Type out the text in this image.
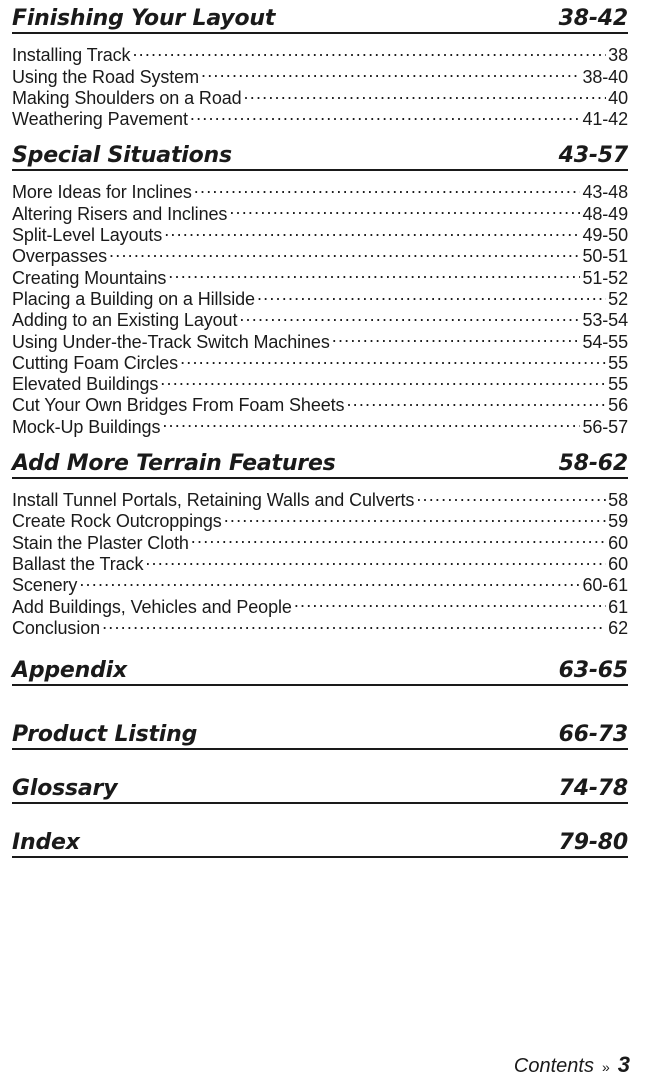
Finishing Your Layout	38-42
Installing Track .....	38
Using the Road System .....	38-40
Making Shoulders on a Road .....	40
Weathering Pavement .....	41-42
Special Situations	43-57
More Ideas for Inclines .....	43-48
Altering Risers and Inclines .....	48-49
Split-Level Layouts .....	49-50
Overpasses .....	50-51
Creating Mountains .....	51-52
Placing a Building on a Hillside .....	52
Adding to an Existing Layout .....	53-54
Using Under-the-Track Switch Machines .....	54-55
Cutting Foam Circles .....	55
Elevated Buildings .....	55
Cut Your Own Bridges From Foam Sheets .....	56
Mock-Up Buildings .....	56-57
Add More Terrain Features	58-62
Install Tunnel Portals, Retaining Walls and Culverts .....	58
Create Rock Outcroppings .....	59
Stain the Plaster Cloth .....	60
Ballast the Track .....	60
Scenery .....	60-61
Add Buildings, Vehicles and People .....	61
Conclusion .....	62
Appendix	63-65
Product Listing	66-73
Glossary	74-78
Index	79-80
Contents » 3
